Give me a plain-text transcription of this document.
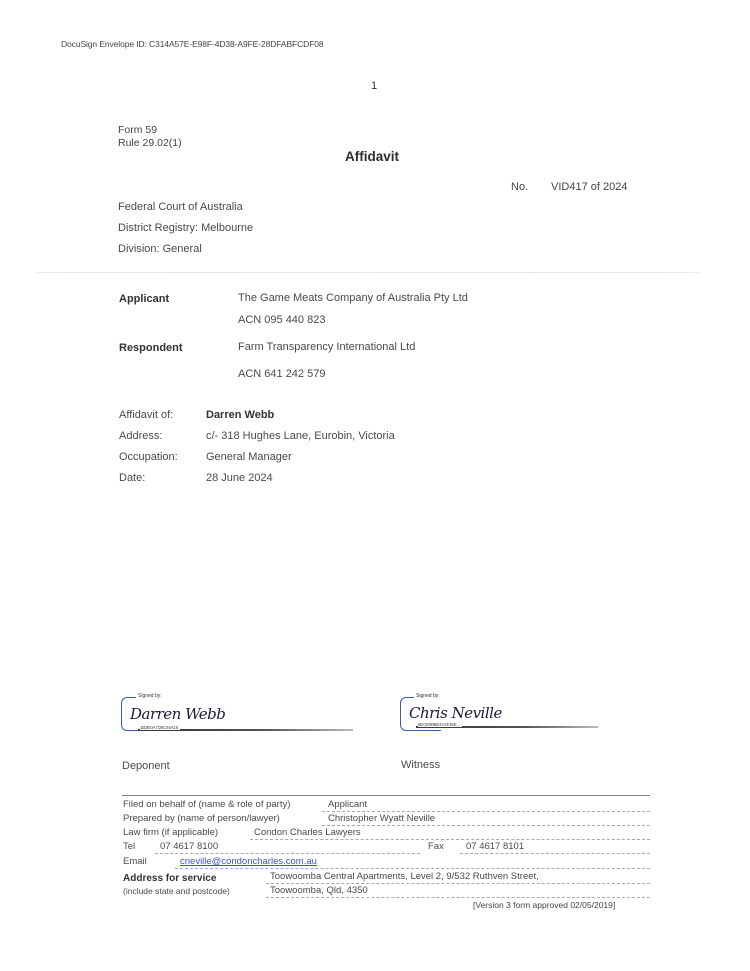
DocuSign Envelope ID: C314A57E-E98F-4D38-A9FE-28DFABFCDF08
1
Form 59
Rule 29.02(1)
Affidavit
No. VID417 of 2024
Federal Court of Australia
District Registry: Melbourne
Division: General
Applicant	The Game Meats Company of Australia Pty Ltd
ACN 095 440 823
Respondent	Farm Transparency International Ltd
ACN 641 242 579
Affidavit of:	Darren Webb
Address:	c/- 318 Hughes Lane, Eurobin, Victoria
Occupation:	General Manager
Date:	28 June 2024
Signed by:
Darren Webb
1B3E0A7D8C94A16
Deponent
Signed by:
Chris Neville
8ECE90BE4A4F46E...
Witness
Filed on behalf of (name & role of party)	Applicant
Prepared by (name of person/lawyer)	Christopher Wyatt Neville
Law firm (if applicable)	Condon Charles Lawyers
Tel	07 4617 8100	Fax 07 4617 8101
Email	cneville@condoncharles.com.au
Address for service
(include state and postcode)
Toowoomba Central Apartments, Level 2, 9/532 Ruthven Street,
Toowoomba, Qld, 4350
[Version 3 form approved 02/05/2019]
